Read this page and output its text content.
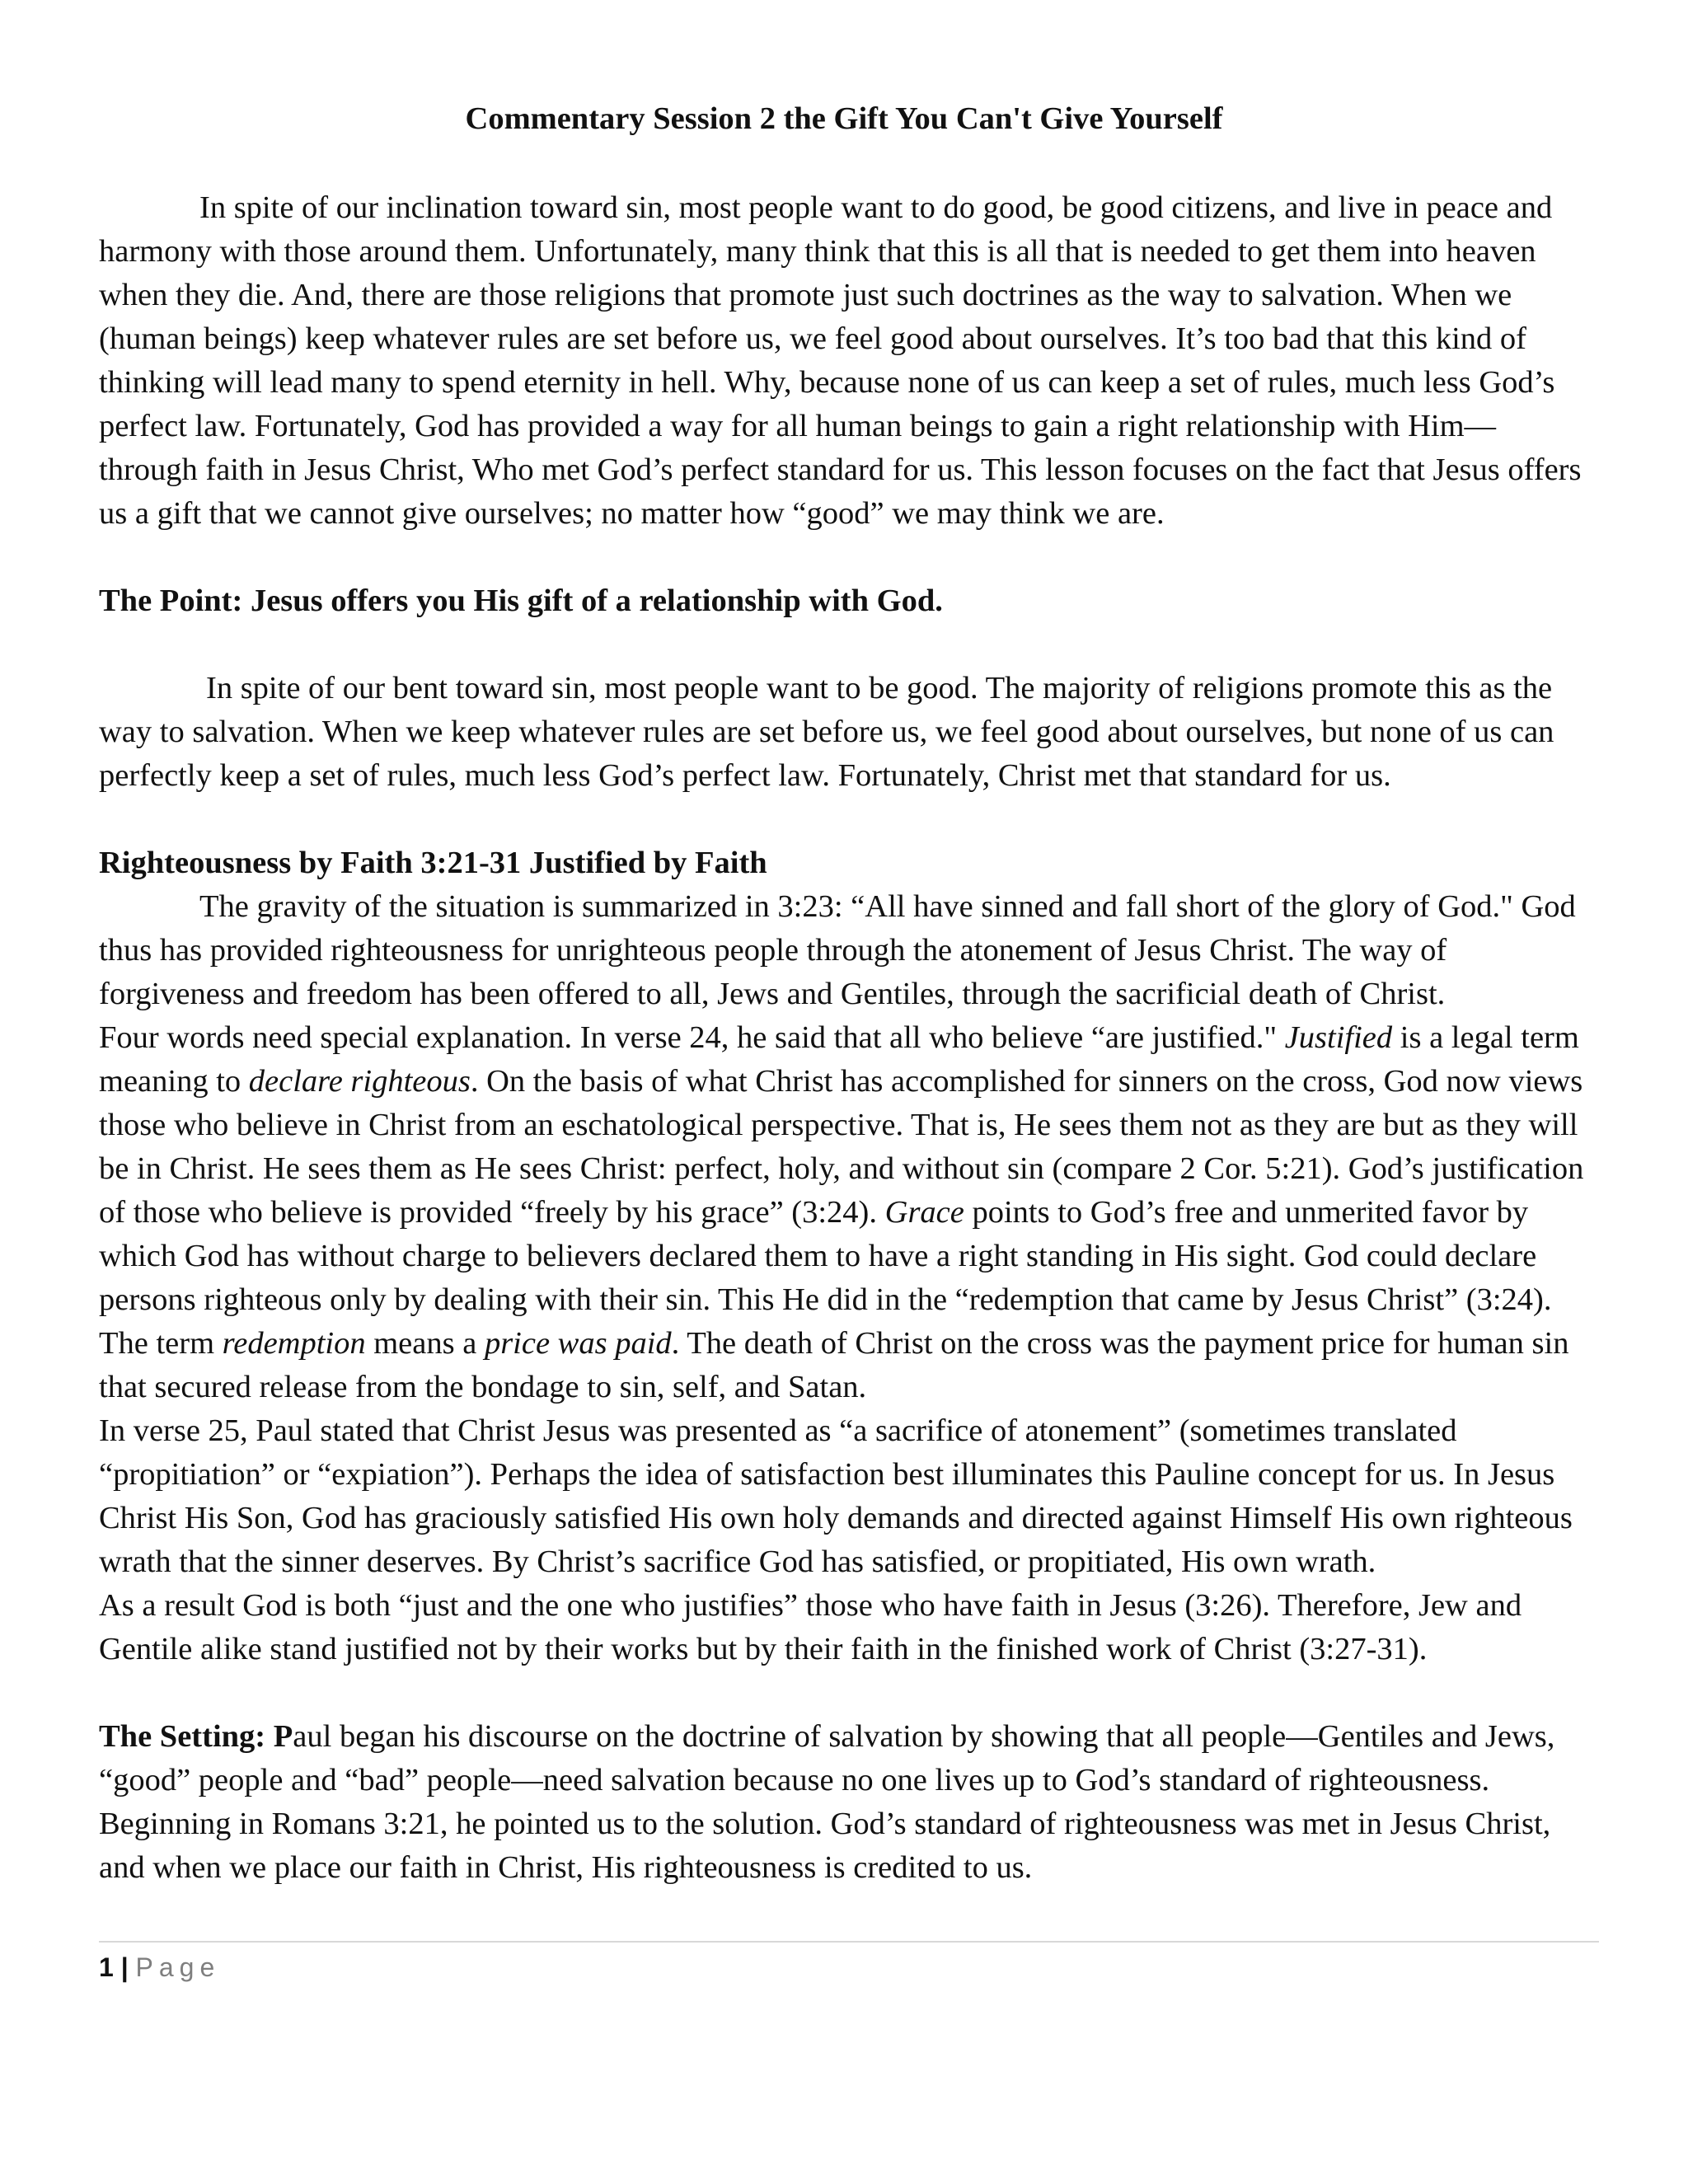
Commentary Session 2 the Gift You Can't Give Yourself

In spite of our inclination toward sin, most people want to do good, be good citizens, and live in peace and harmony with those around them. Unfortunately, many think that this is all that is needed to get them into heaven when they die. And, there are those religions that promote just such doctrines as the way to salvation. When we (human beings) keep whatever rules are set before us, we feel good about ourselves. It’s too bad that this kind of thinking will lead many to spend eternity in hell. Why, because none of us can keep a set of rules, much less God’s perfect law. Fortunately, God has provided a way for all human beings to gain a right relationship with Him—through faith in Jesus Christ, Who met God’s perfect standard for us. This lesson focuses on the fact that Jesus offers us a gift that we cannot give ourselves; no matter how “good” we may think we are.

The Point: Jesus offers you His gift of a relationship with God.

In spite of our bent toward sin, most people want to be good. The majority of religions promote this as the way to salvation. When we keep whatever rules are set before us, we feel good about ourselves, but none of us can perfectly keep a set of rules, much less God’s perfect law. Fortunately, Christ met that standard for us.

Righteousness by Faith 3:21-31 Justified by Faith

The gravity of the situation is summarized in 3:23: “All have sinned and fall short of the glory of God." God thus has provided righteousness for unrighteous people through the atonement of Jesus Christ. The way of forgiveness and freedom has been offered to all, Jews and Gentiles, through the sacrificial death of Christ.

Four words need special explanation. In verse 24, he said that all who believe “are justified." Justified is a legal term meaning to declare righteous. On the basis of what Christ has accomplished for sinners on the cross, God now views those who believe in Christ from an eschatological perspective. That is, He sees them not as they are but as they will be in Christ. He sees them as He sees Christ: perfect, holy, and without sin (compare 2 Cor. 5:21). God’s justification of those who believe is provided “freely by his grace” (3:24). Grace points to God’s free and unmerited favor by which God has without charge to believers declared them to have a right standing in His sight. God could declare persons righteous only by dealing with their sin. This He did in the “redemption that came by Jesus Christ” (3:24). The term redemption means a price was paid. The death of Christ on the cross was the payment price for human sin that secured release from the bondage to sin, self, and Satan.

In verse 25, Paul stated that Christ Jesus was presented as “a sacrifice of atonement” (sometimes translated “propitiation” or “expiation”). Perhaps the idea of satisfaction best illuminates this Pauline concept for us. In Jesus Christ His Son, God has graciously satisfied His own holy demands and directed against Himself His own righteous wrath that the sinner deserves. By Christ’s sacrifice God has satisfied, or propitiated, His own wrath.

As a result God is both “just and the one who justifies” those who have faith in Jesus (3:26). Therefore, Jew and Gentile alike stand justified not by their works but by their faith in the finished work of Christ (3:27-31).

The Setting: Paul began his discourse on the doctrine of salvation by showing that all people—Gentiles and Jews, “good” people and “bad” people—need salvation because no one lives up to God’s standard of righteousness. Beginning in Romans 3:21, he pointed us to the solution. God’s standard of righteousness was met in Jesus Christ, and when we place our faith in Christ, His righteousness is credited to us.

1 | Page
